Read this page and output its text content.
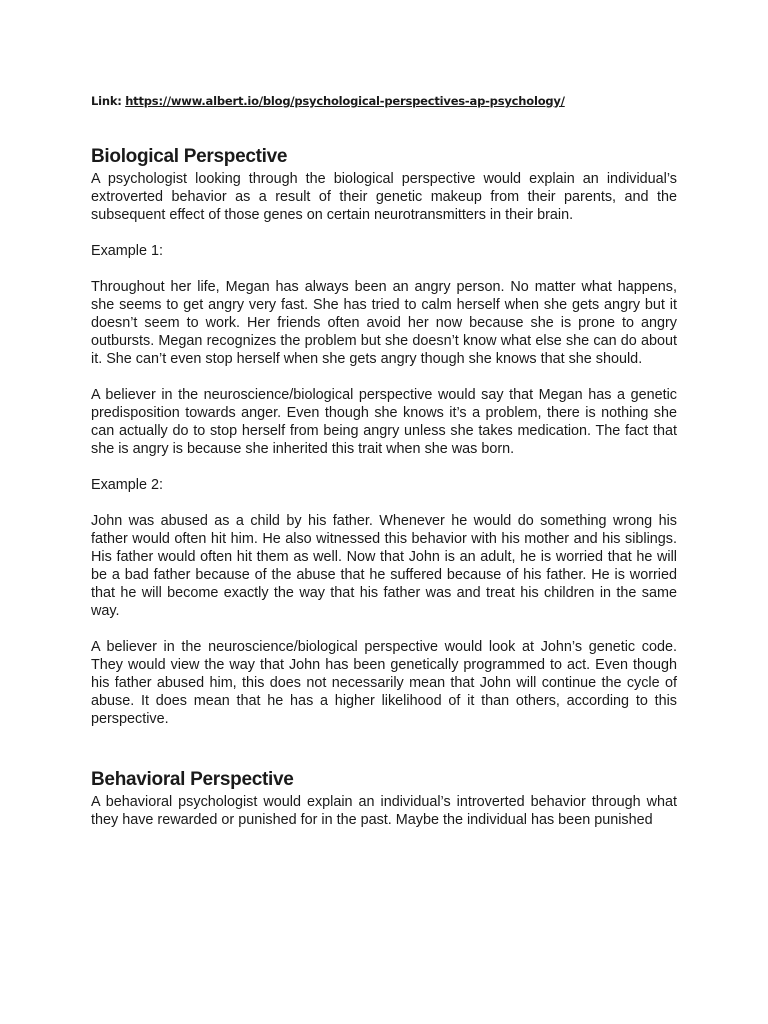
Link: https://www.albert.io/blog/psychological-perspectives-ap-psychology/
Biological Perspective

A psychologist looking through the biological perspective would explain an individual’s extroverted behavior as a result of their genetic makeup from their parents, and the subsequent effect of those genes on certain neurotransmitters in their brain.

Example 1:

Throughout her life, Megan has always been an angry person. No matter what happens, she seems to get angry very fast. She has tried to calm herself when she gets angry but it doesn’t seem to work. Her friends often avoid her now because she is prone to angry outbursts. Megan recognizes the problem but she doesn’t know what else she can do about it. She can’t even stop herself when she gets angry though she knows that she should.

A believer in the neuroscience/biological perspective would say that Megan has a genetic predisposition towards anger. Even though she knows it’s a problem, there is nothing she can actually do to stop herself from being angry unless she takes medication. The fact that she is angry is because she inherited this trait when she was born.

Example 2:

John was abused as a child by his father. Whenever he would do something wrong his father would often hit him. He also witnessed this behavior with his mother and his siblings. His father would often hit them as well. Now that John is an adult, he is worried that he will be a bad father because of the abuse that he suffered because of his father. He is worried that he will become exactly the way that his father was and treat his children in the same way.

A believer in the neuroscience/biological perspective would look at John’s genetic code. They would view the way that John has been genetically programmed to act. Even though his father abused him, this does not necessarily mean that John will continue the cycle of abuse. It does mean that he has a higher likelihood of it than others, according to this perspective.

Behavioral Perspective

A behavioral psychologist would explain an individual’s introverted behavior through what they have rewarded or punished for in the past. Maybe the individual has been punished
